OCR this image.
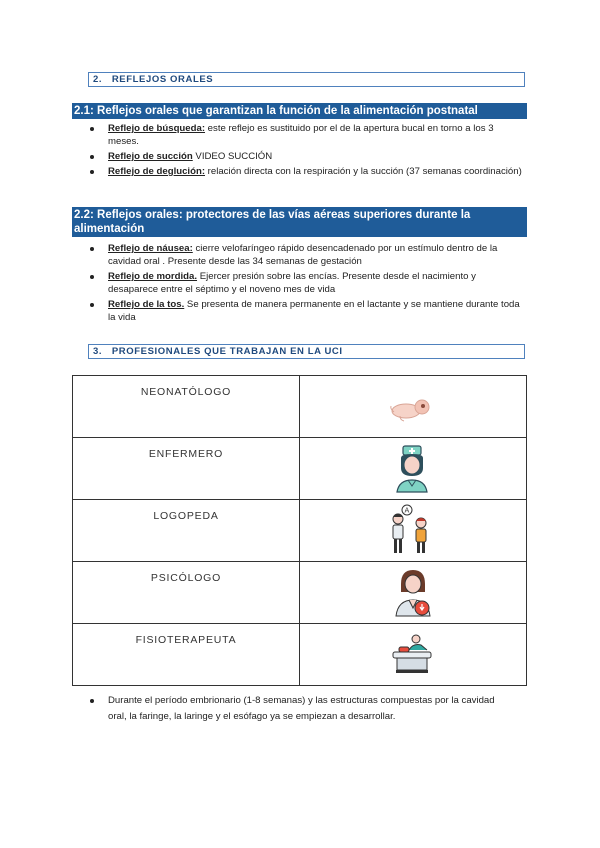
2. REFLEJOS ORALES
2.1: Reflejos orales que garantizan la función de la alimentación postnatal
Reflejo de búsqueda: este reflejo es sustituido por el de la apertura bucal en torno a los 3 meses.
Reflejo de succión VIDEO SUCCIÓN
Reflejo de deglución: relación directa con la respiración y la succión (37 semanas coordinación)
2.2: Reflejos orales: protectores de las vías aéreas superiores durante la alimentación
Reflejo de náusea: cierre velofaríngeo rápido desencadenado por un estímulo dentro de la cavidad oral . Presente desde las 34 semanas de gestación
Reflejo de mordida. Ejercer presión sobre las encías. Presente desde el nacimiento y desaparece entre el séptimo y el noveno mes de vida
Reflejo de la tos. Se presenta de manera permanente en el lactante y se mantiene durante toda la vida
3. PROFESIONALES QUE TRABAJAN EN LA UCI
NEONATÓLOGO

ENFERMERO

LOGOPEDA	A

PSICÓLOGO

FISIOTERAPEUTA

Durante el período embrionario (1-8 semanas) y las estructuras compuestas por la cavidad oral, la faringe, la laringe y el esófago ya se empiezan a desarrollar.
